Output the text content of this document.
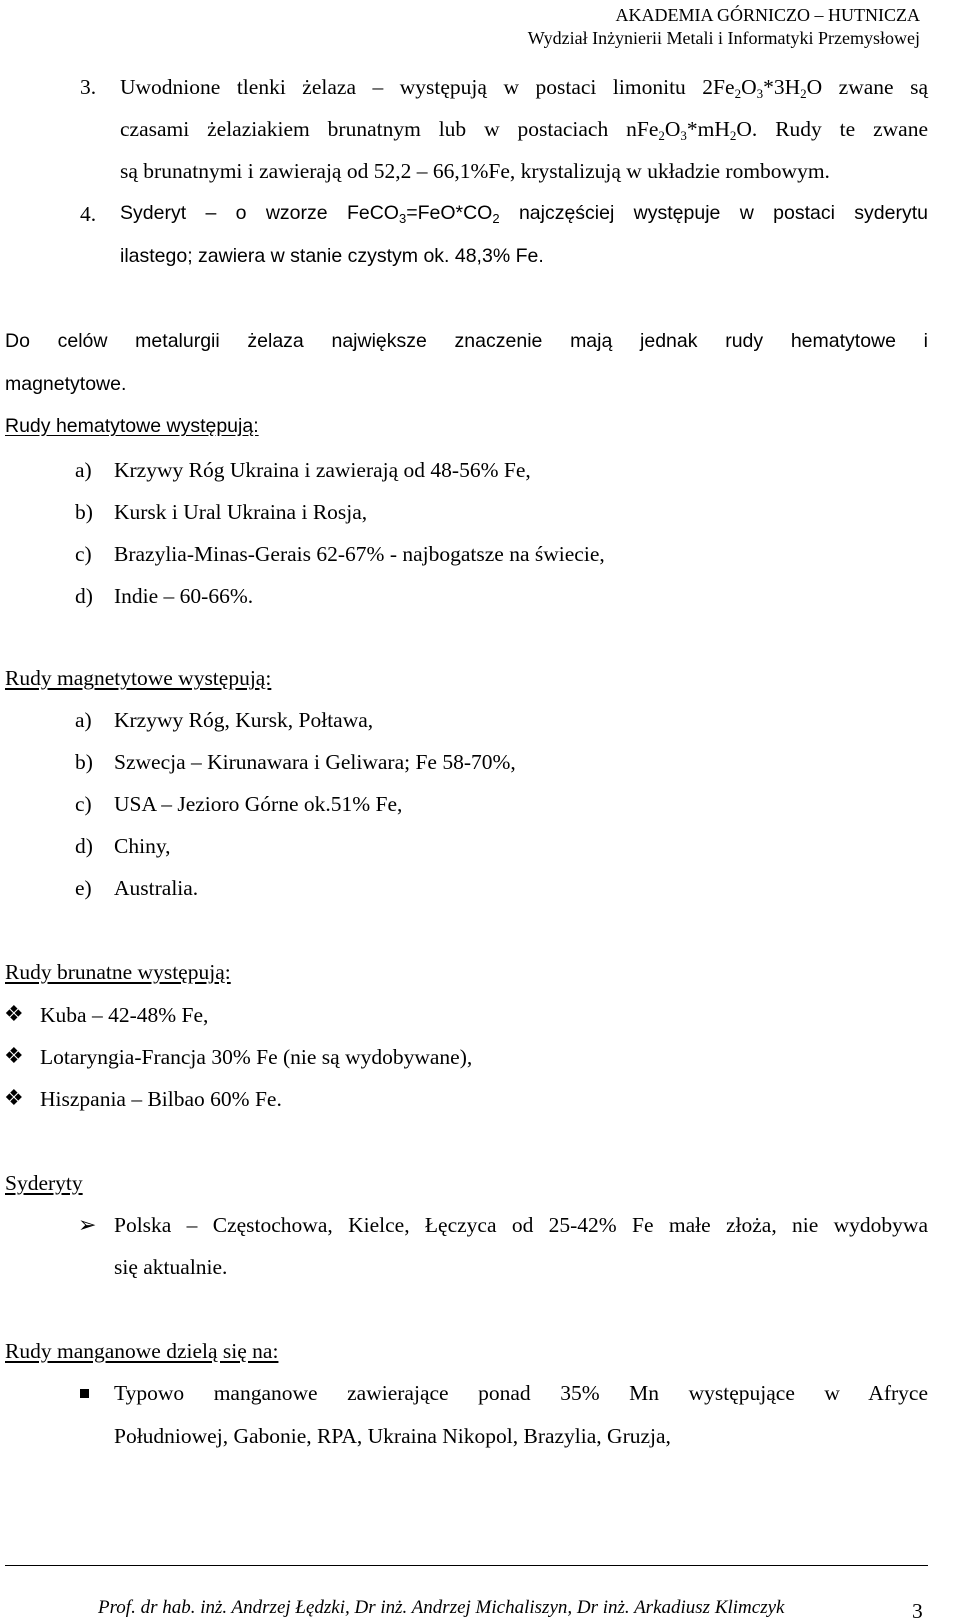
AKADEMIA GÓRNICZO – HUTNICZA
Wydział Inżynierii Metali i Informatyki Przemysłowej
3. Uwodnione tlenki żelaza – występują w postaci limonitu $2Fe_2O_3*3H_2O$ zwane są
czasami żelaziakiem brunatnym lub w postaciach $nFe_2O_3*mH_2O$. Rudy te zwane
są brunatnymi i zawierają od 52,2 – 66,1%Fe, krystalizują w układzie rombowym.
4. Syderyt – o wzorze $FeCO_3=FeO*CO_2$ najczęściej występuje w postaci syderytu
ilastego; zawiera w stanie czystym ok. 48,3% Fe.
Do celów metalurgii żelaza największe znaczenie mają jednak rudy hematytowe i
magnetytowe.
Rudy hematytowe występują:
a) Krzywy Róg Ukraina i zawierają od 48-56% Fe,
b) Kursk i Ural Ukraina i Rosja,
c) Brazylia-Minas-Gerais 62-67% - najbogatsze na świecie,
d) Indie – 60-66%.
Rudy magnetytowe występują:
a) Krzywy Róg, Kursk, Połtawa,
b) Szwecja – Kirunawara i Geliwara; Fe 58-70%,
c) USA – Jezioro Górne ok.51% Fe,
d) Chiny,
e) Australia.
Rudy brunatne występują:
❖ Kuba – 42-48% Fe,
❖ Lotaryngia-Francja 30% Fe (nie są wydobywane),
❖ Hiszpania – Bilbao 60% Fe.
Syderyty
➢ Polska – Częstochowa, Kielce, Łęczyca od 25-42% Fe małe złoża, nie wydobywa
się aktualnie.
Rudy manganowe dzielą się na:
Typowo manganowe zawierające ponad 35% Mn występujące w Afryce
Południowej, Gabonie, RPA, Ukraina Nikopol, Brazylia, Gruzja,
Prof. dr hab. inż. Andrzej Łędzki, Dr inż. Andrzej Michaliszyn, Dr inż. Arkadiusz Klimczyk	3
